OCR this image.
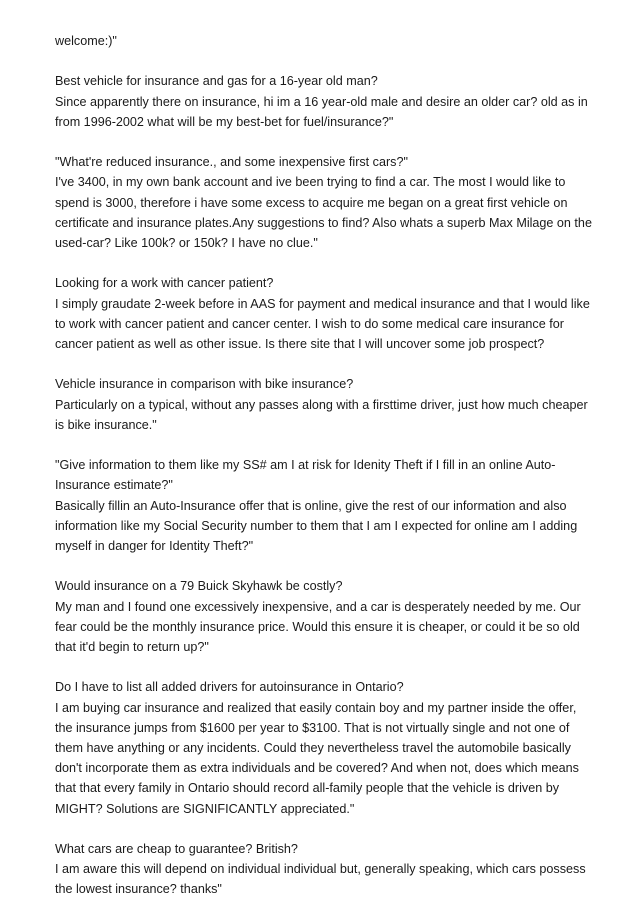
welcome:)"

Best vehicle for insurance and gas for a 16-year old man?

Since apparently there on insurance, hi im a 16 year-old male and desire an older car? old as in from 1996-2002 what will be my best-bet for fuel/insurance?"

"What're reduced insurance., and some inexpensive first cars?"

I've 3400, in my own bank account and ive been trying to find a car. The most I would like to spend is 3000, therefore i have some excess to acquire me began on a great first vehicle on certificate and insurance plates.Any suggestions to find? Also whats a superb Max Milage on the used-car? Like 100k? or 150k? I have no clue."

Looking for a work with cancer patient?

I simply graudate 2-week before in AAS for payment and medical insurance and that I would like to work with cancer patient and cancer center. I wish to do some medical care insurance for cancer patient as well as other issue. Is there site that I will uncover some job prospect?

Vehicle insurance in comparison with bike insurance?

Particularly on a typical, without any passes along with a firsttime driver, just how much cheaper is bike insurance."

"Give information to them like my SS# am I at risk for Idenity Theft if I fill in an online Auto-Insurance estimate?"

Basically fillin an Auto-Insurance offer that is online, give the rest of our information and also information like my Social Security number to them that I am I expected for online am I adding myself in danger for Identity Theft?"

Would insurance on a 79 Buick Skyhawk be costly?

My man and I found one excessively inexpensive, and a car is desperately needed by me. Our fear could be the monthly insurance price. Would this ensure it is cheaper, or could it be so old that it'd begin to return up?"

Do I have to list all added drivers for autoinsurance in Ontario?

I am buying car insurance and realized that easily contain boy and my partner inside the offer, the insurance jumps from $1600 per year to $3100. That is not virtually single and not one of them have anything or any incidents. Could they nevertheless travel the automobile basically don't incorporate them as extra individuals and be covered? And when not, does which means that that every family in Ontario should record all-family people that the vehicle is driven by MIGHT? Solutions are SIGNIFICANTLY appreciated."

What cars are cheap to guarantee? British?

I am aware this will depend on individual individual but, generally speaking, which cars possess the lowest insurance? thanks"
